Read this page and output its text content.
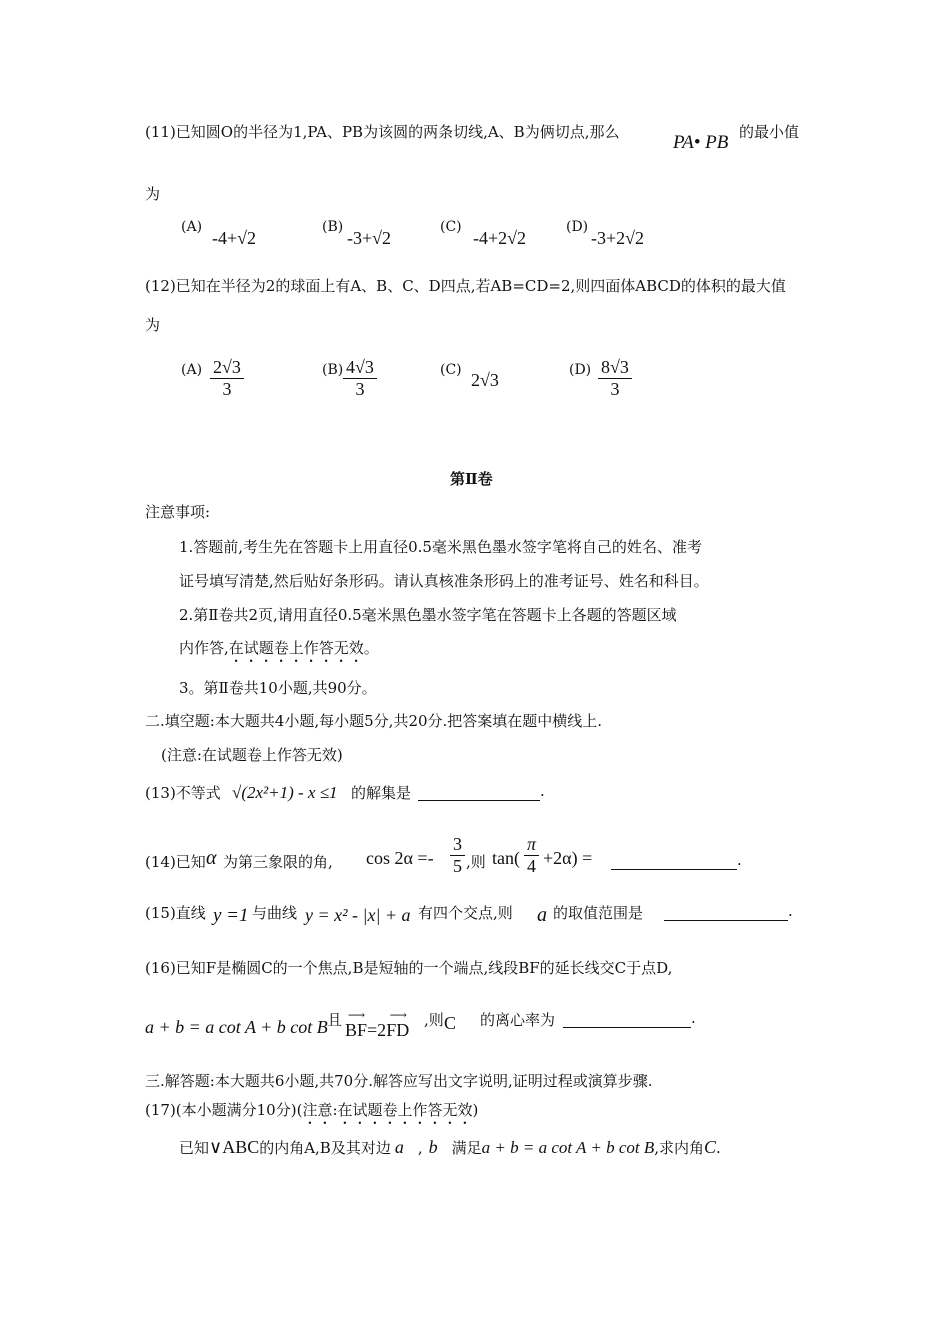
(11)已知圆O的半径为1,PA、PB为该圆的两条切线,A、B为俩切点,那么	PA• PB 的最小值
为
(A)
-4+√2
(B)
-3+√2
(C)
-4+2√2
(D)
-3+2√2
(12)已知在半径为2的球面上有A、B、C、D四点,若AB=CD=2,则四面体ABCD的体积的最大值
为
$(A) \frac{2√3}{3}$	$(B) \frac{4√3}{3}$	(C) 2√3	$(D) \frac{8√3}{3}$
第Ⅱ卷
注意事项:
1.答题前,考生先在答题卡上用直径0.5毫米黑色墨水签字笔将自己的姓名、准考
证号填写清楚,然后贴好条形码。请认真核准条形码上的准考证号、姓名和科目。
2.第Ⅱ卷共2页,请用直径0.5毫米黑色墨水签字笔在答题卡上各题的答题区域
内作答,在试题卷上作答无效。
3。第Ⅱ卷共10小题,共90分。
二.填空题:本大题共4小题,每小题5分,共20分.把答案填在题中横线上.
(注意:在试题卷上作答无效)
(13)不等式 √(2x²+1) - x ≤1 的解集是	.
(14)已知 α 为第三象限的角, $\cos 2\alpha =- \frac{3}{5}$ ,则 $\tan( \frac{\pi}{4} +2\alpha)$ =	.
(15)直线 y =1 与曲线 y = x² - |x| + a 有四个交点,则 a 的取值范围是	.
(16)已知F是椭圆C的一个焦点,B是短轴的一个端点,线段BF的延长线交C于点D,
a + b = a cot A + b cot B 且 ⟶
BF=2
⟶
FD ,则 C 的离心率为	.
三.解答题:本大题共6小题,共70分.解答应写出文字说明,证明过程或演算步骤.
(17)(本小题满分10分)(注意:在试题卷上作答无效)
已知∨ABC的内角A,B及其对边 a , b 满足a + b = a cot A + b cot B,求内角C.
